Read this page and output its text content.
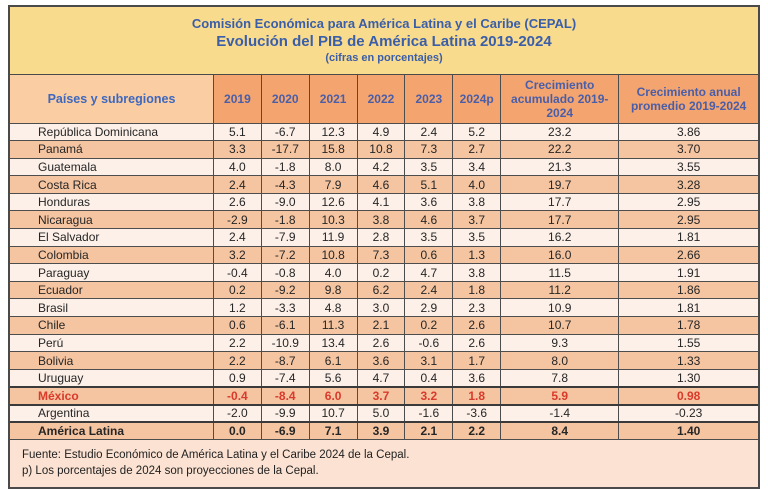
Comisión Económica para América Latina y el Caribe (CEPAL)
Evolución del PIB de América Latina 2019-2024
(cifras en porcentajes)
Países y subregiones	2019	2020	2021	2022	2023	2024p	Crecimiento acumulado 2019-2024	Crecimiento anual promedio 2019-2024
República Dominicana	5.1	-6.7	12.3	4.9	2.4	5.2	23.2	3.86
Panamá	3.3	-17.7	15.8	10.8	7.3	2.7	22.2	3.70
Guatemala	4.0	-1.8	8.0	4.2	3.5	3.4	21.3	3.55
Costa Rica	2.4	-4.3	7.9	4.6	5.1	4.0	19.7	3.28
Honduras	2.6	-9.0	12.6	4.1	3.6	3.8	17.7	2.95
Nicaragua	-2.9	-1.8	10.3	3.8	4.6	3.7	17.7	2.95
El Salvador	2.4	-7.9	11.9	2.8	3.5	3.5	16.2	1.81
Colombia	3.2	-7.2	10.8	7.3	0.6	1.3	16.0	2.66
Paraguay	-0.4	-0.8	4.0	0.2	4.7	3.8	11.5	1.91
Ecuador	0.2	-9.2	9.8	6.2	2.4	1.8	11.2	1.86
Brasil	1.2	-3.3	4.8	3.0	2.9	2.3	10.9	1.81
Chile	0.6	-6.1	11.3	2.1	0.2	2.6	10.7	1.78
Perú	2.2	-10.9	13.4	2.6	-0.6	2.6	9.3	1.55
Bolivia	2.2	-8.7	6.1	3.6	3.1	1.7	8.0	1.33
Uruguay	0.9	-7.4	5.6	4.7	0.4	3.6	7.8	1.30
México	-0.4	-8.4	6.0	3.7	3.2	1.8	5.9	0.98
Argentina	-2.0	-9.9	10.7	5.0	-1.6	-3.6	-1.4	-0.23
América Latina	0.0	-6.9	7.1	3.9	2.1	2.2	8.4	1.40
Fuente: Estudio Económico de América Latina y el Caribe 2024 de la Cepal.
p) Los porcentajes de 2024 son proyecciones de la Cepal.
